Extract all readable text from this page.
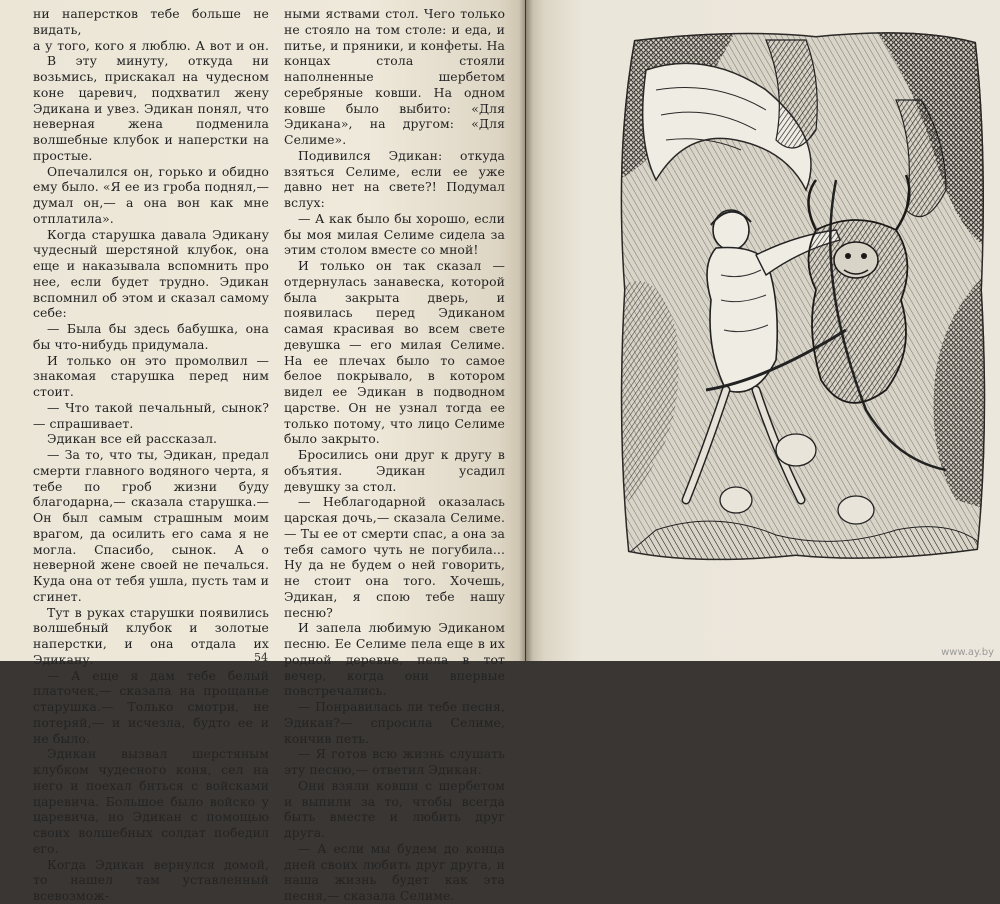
ни наперстков тебе больше не видать,

а у того, кого я люблю. А вот и он.

В эту минуту, откуда ни возьмись, прискакал на чудесном коне царевич, подхватил жену Эдикана и увез. Эдикан понял, что неверная жена подменила волшебные клубок и наперстки на простые.

Опечалился он, горько и обидно ему было. «Я ее из гроба поднял,— думал он,— а она вон как мне отплатила».

Когда старушка давала Эдикану чудесный шерстяной клубок, она еще и наказывала вспомнить про нее, если будет трудно. Эдикан вспомнил об этом и сказал самому себе:

— Была бы здесь бабушка, она бы что-нибудь придумала.

И только он это промолвил — знакомая старушка перед ним стоит.

— Что такой печальный, сынок?— спрашивает.

Эдикан все ей рассказал.

— За то, что ты, Эдикан, предал смерти главного водяного черта, я тебе по гроб жизни буду благодарна,— сказала старушка.— Он был самым страшным моим врагом, да осилить его сама я не могла. Спасибо, сынок. А о неверной жене своей не печалься. Куда она от тебя ушла, пусть там и сгинет.

Тут в руках старушки появились волшебный клубок и золотые наперстки, и она отдала их Эдикану.

— А еще я дам тебе белый платочек,— сказала на прощанье старушка.— Только смотри, не потеряй,— и исчезла, будто ее и не было.

Эдикан вызвал шерстяным клубком чудесного коня, сел на него и поехал биться с войсками царевича. Большое было войско у царевича, но Эдикан с помощью своих волшебных солдат победил его.

Когда Эдикан вернулся домой, то нашел там уставленный всевозмож-

ными яствами стол. Чего только не стояло на том столе: и еда, и питье, и пряники, и конфеты. На концах стола стояли наполненные шербетом серебряные ковши. На одном ковше было выбито: «Для Эдикана», на другом: «Для Селиме».

Подивился Эдикан: откуда взяться Селиме, если ее уже давно нет на свете?! Подумал вслух:

— А как было бы хорошо, если бы моя милая Селиме сидела за этим столом вместе со мной!

И только он так сказал — отдернулась занавеска, которой была закрыта дверь, и появилась перед Эдиканом самая красивая во всем свете девушка — его милая Селиме. На ее плечах было то самое белое покрывало, в котором видел ее Эдикан в подводном царстве. Он не узнал тогда ее только потому, что лицо Селиме было закрыто.

Бросились они друг к другу в объятия. Эдикан усадил девушку за стол.

— Неблагодарной оказалась царская дочь,— сказала Селиме.— Ты ее от смерти спас, а она за тебя самого чуть не погубила... Ну да не будем о ней говорить, не стоит она того. Хочешь, Эдикан, я спою тебе нашу песню?

И запела любимую Эдиканом песню. Ее Селиме пела еще в их родной деревне, пела в тот вечер, когда они впервые повстречались.

— Понравилась ли тебе песня, Эдикан?— спросила Селиме, кончив петь.

— Я готов всю жизнь слушать эту песню,— ответил Эдикан.

Они взяли ковши с шербетом и выпили за то, чтобы всегда быть вместе и любить друг друга.

— А если мы будем до конца дней своих любить друг друга, и наша жизнь будет как эта песня,— сказала Селиме.

54	www.ay.by
